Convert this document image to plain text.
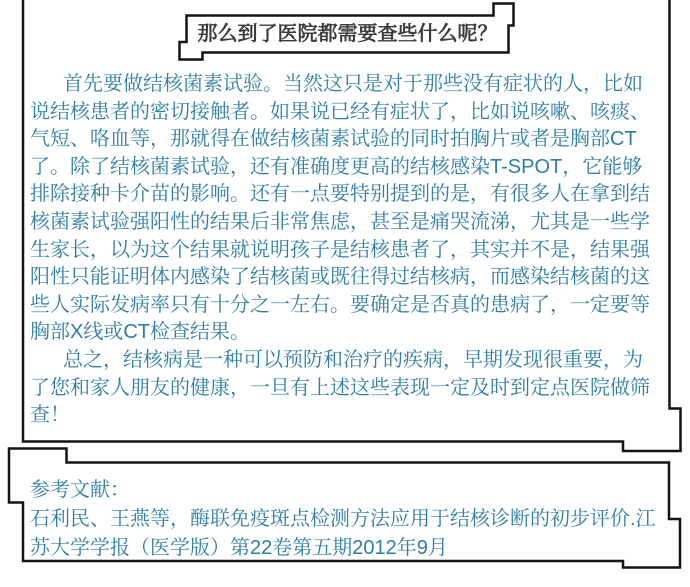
那么到了医院都需要查些什么呢？
首先要做结核菌素试验。当然这只是对于那些没有症状的人，比如
说结核患者的密切接触者。如果说已经有症状了，比如说咳嗽、咳痰、
气短、咯血等，那就得在做结核菌素试验的同时拍胸片或者是胸部CT
了。除了结核菌素试验，还有准确度更高的结核感染T-SPOT，它能够
排除接种卡介苗的影响。还有一点要特别提到的是，有很多人在拿到结
核菌素试验强阳性的结果后非常焦虑，甚至是痛哭流涕，尤其是一些学
生家长，以为这个结果就说明孩子是结核患者了，其实并不是，结果强
阳性只能证明体内感染了结核菌或既往得过结核病，而感染结核菌的这
些人实际发病率只有十分之一左右。要确定是否真的患病了，一定要等
胸部X线或CT检查结果。
总之，结核病是一种可以预防和治疗的疾病，早期发现很重要，为
了您和家人朋友的健康，一旦有上述这些表现一定及时到定点医院做筛
查！
参考文献：
石利民、王燕等，酶联免疫斑点检测方法应用于结核诊断的初步评价.江
苏大学学报（医学版）第22卷第五期2012年9月
